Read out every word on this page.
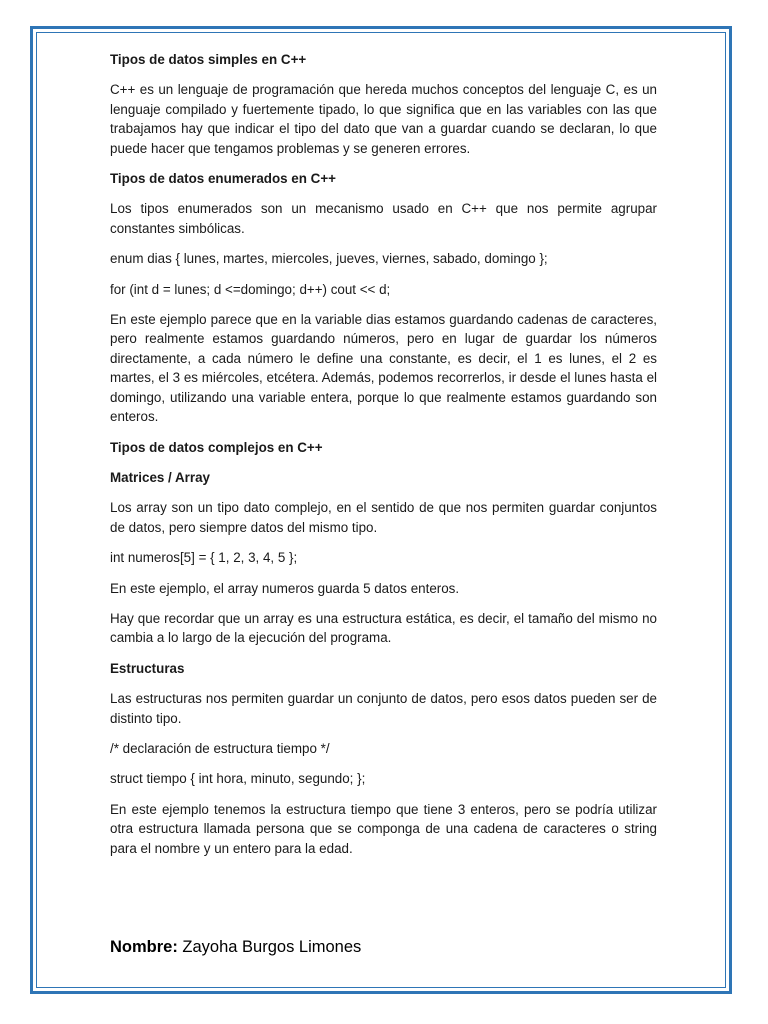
Tipos de datos simples en C++

C++ es un lenguaje de programación que hereda muchos conceptos del lenguaje C, es un lenguaje compilado y fuertemente tipado, lo que significa que en las variables con las que trabajamos hay que indicar el tipo del dato que van a guardar cuando se declaran, lo que puede hacer que tengamos problemas y se generen errores.

Tipos de datos enumerados en C++

Los tipos enumerados son un mecanismo usado en C++ que nos permite agrupar constantes simbólicas.

enum dias { lunes, martes, miercoles, jueves, viernes, sabado, domingo };

for (int d = lunes; d <=domingo; d++) cout << d;

En este ejemplo parece que en la variable dias estamos guardando cadenas de caracteres, pero realmente estamos guardando números, pero en lugar de guardar los números directamente, a cada número le define una constante, es decir, el 1 es lunes, el 2 es martes, el 3 es miércoles, etcétera. Además, podemos recorrerlos, ir desde el lunes hasta el domingo, utilizando una variable entera, porque lo que realmente estamos guardando son enteros.

Tipos de datos complejos en C++
Matrices / Array

Los array son un tipo dato complejo, en el sentido de que nos permiten guardar conjuntos de datos, pero siempre datos del mismo tipo.

int numeros[5] = { 1, 2, 3, 4, 5 };

En este ejemplo, el array numeros guarda 5 datos enteros.

Hay que recordar que un array es una estructura estática, es decir, el tamaño del mismo no cambia a lo largo de la ejecución del programa.

Estructuras

Las estructuras nos permiten guardar un conjunto de datos, pero esos datos pueden ser de distinto tipo.

/* declaración de estructura tiempo */

struct tiempo { int hora, minuto, segundo; };

En este ejemplo tenemos la estructura tiempo que tiene 3 enteros, pero se podría utilizar otra estructura llamada persona que se componga de una cadena de caracteres o string para el nombre y un entero para la edad.

Nombre: Zayoha Burgos Limones
